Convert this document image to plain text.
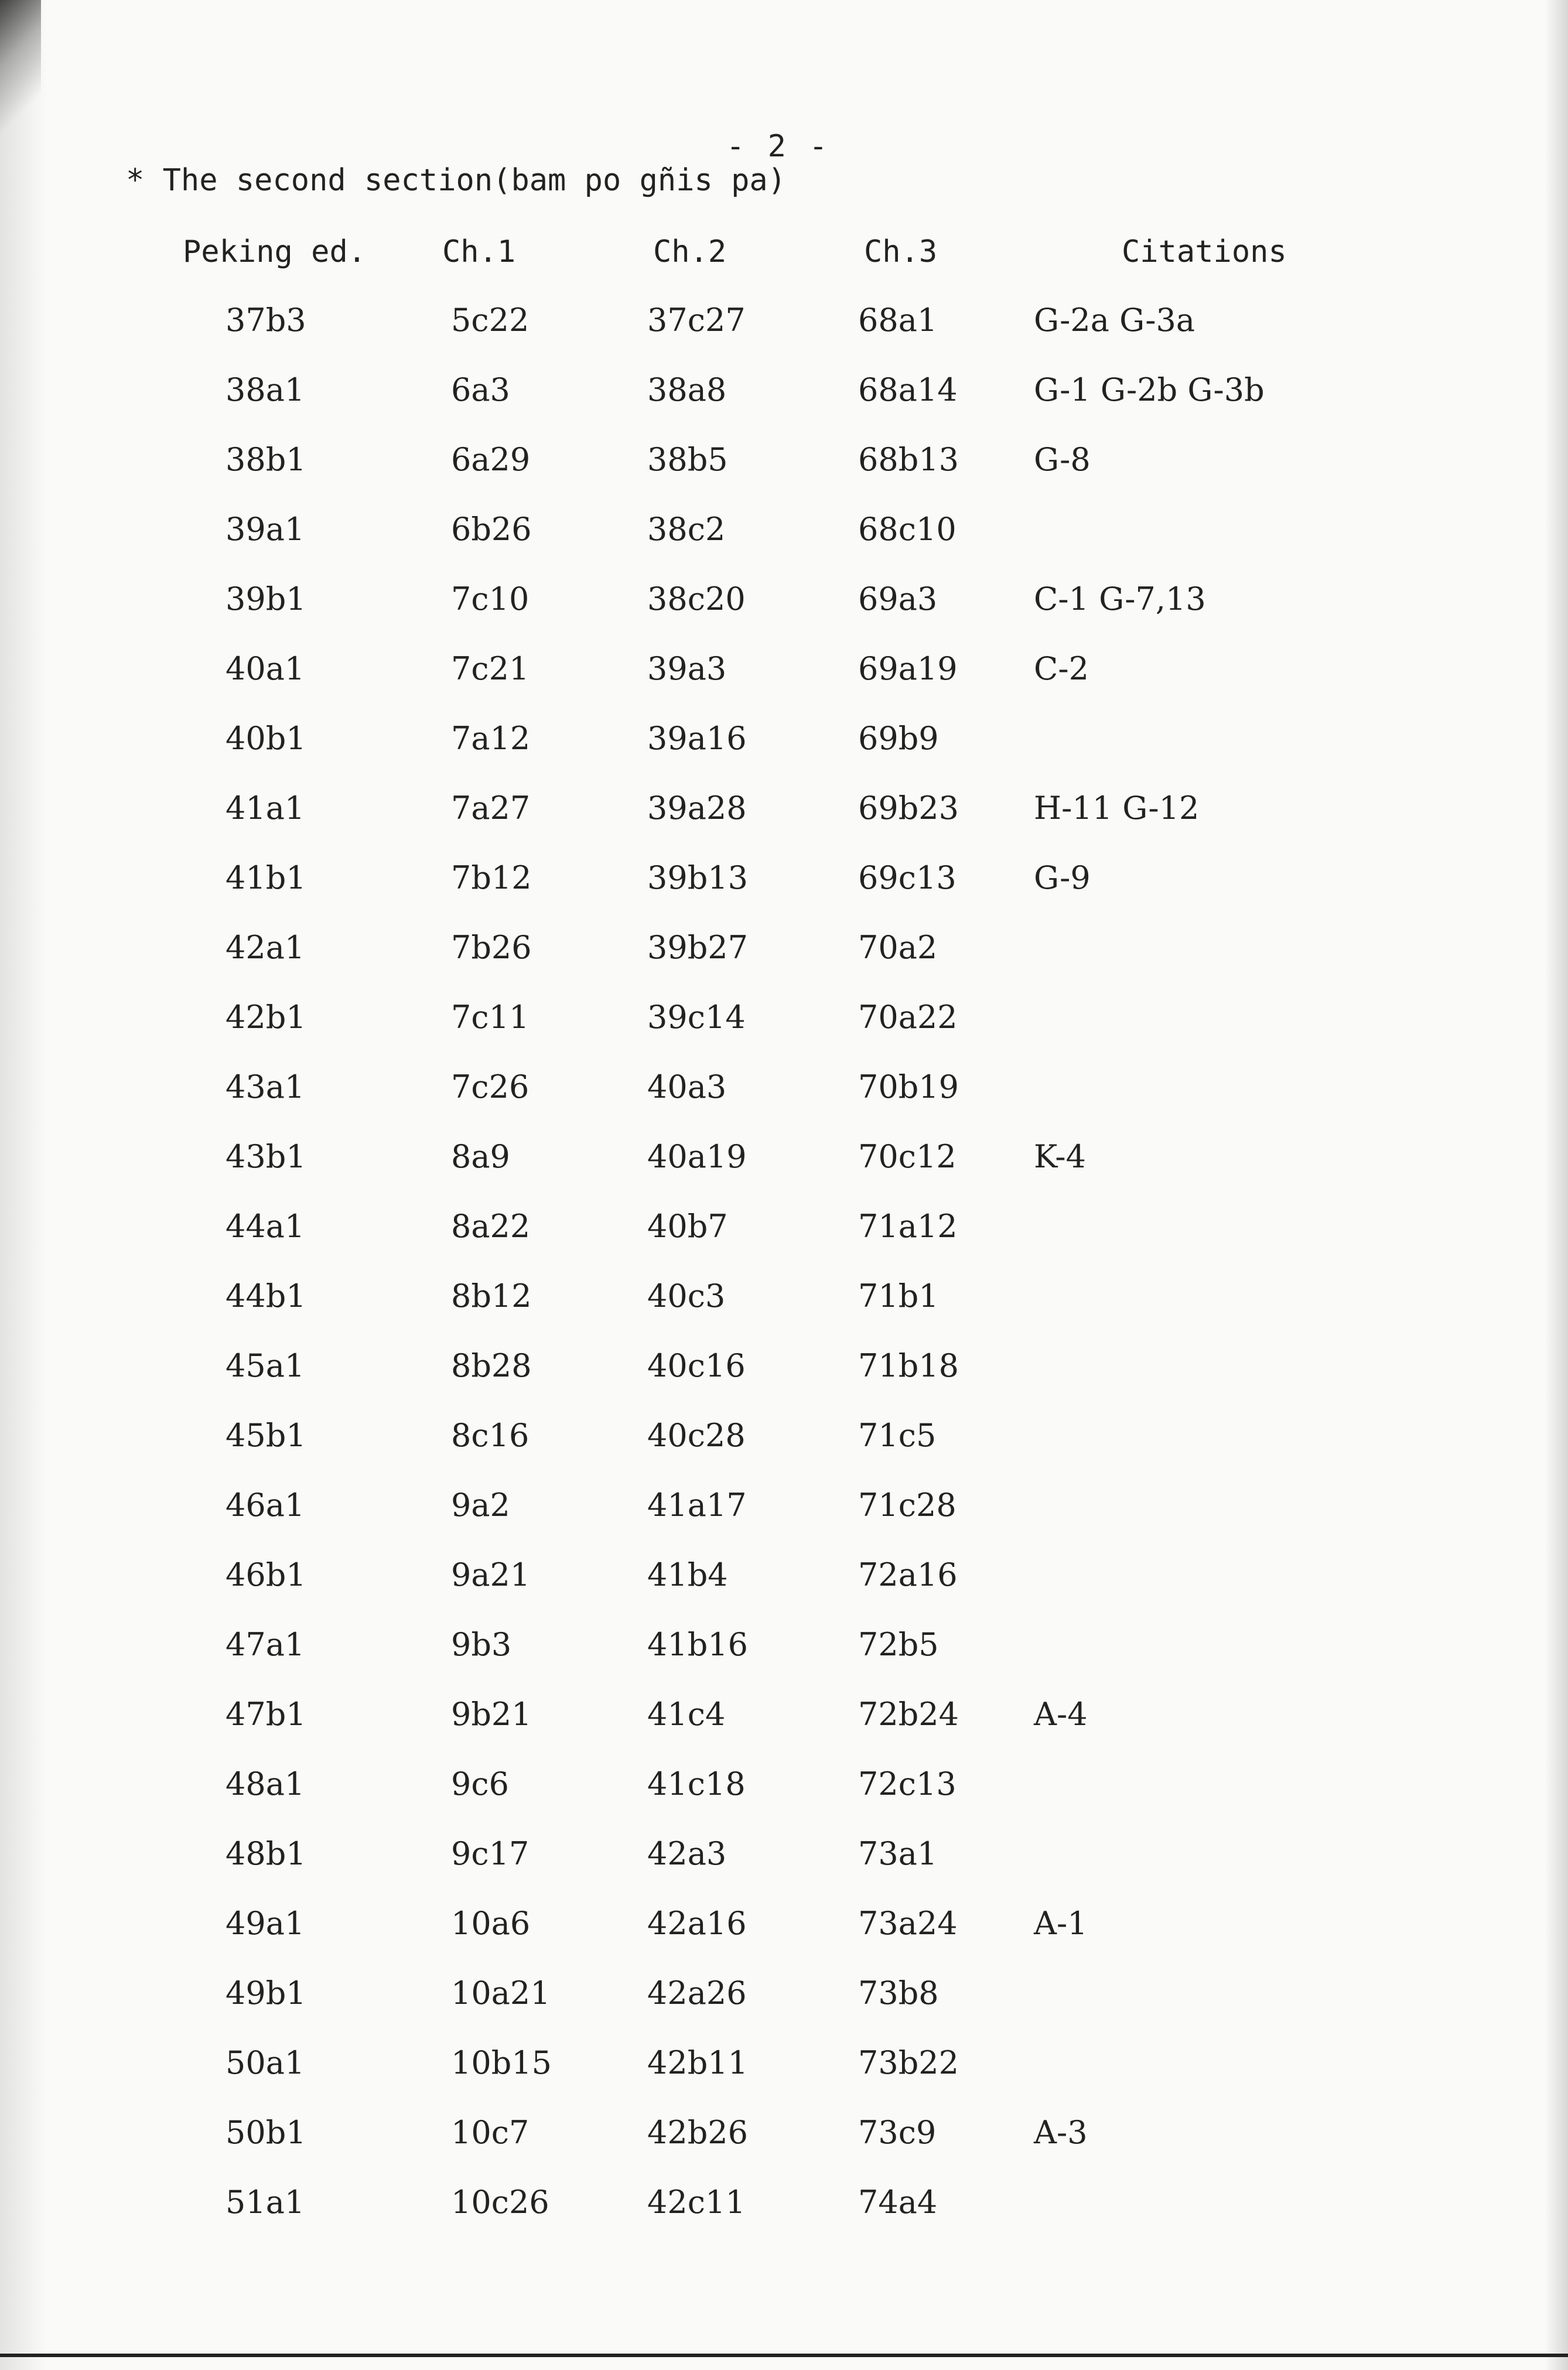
- 2 -
* The second section(bam po gñis pa)
Peking ed. Ch.1	Ch.2	Ch.3	Citations
37b3	5c22	37c27	68a1	G-2a G-3a
38a1	6a3	38a8	68a14 G-1 G-2b G-3b
38b1	6a29	38b5	68b13 G-8
39a1	6b26	38c2	68c10
39b1	7c10	38c20	69a3	C-1 G-7,13
40a1	7c21	39a3	69a19 C-2
40b1	7a12	39a16	69b9
41a1	7a27	39a28	69b23 H-11 G-12
41b1	7b12	39b13	69c13 G-9
42a1	7b26	39b27	70a2
42b1	7c11	39c14	70a22
43a1	7c26	40a3	70b19
43b1	8a9	40a19	70c12 K-4
44a1	8a22	40b7	71a12
44b1	8b12	40c3	71b1
45a1	8b28	40c16	71b18
45b1	8c16	40c28	71c5
46a1	9a2	41a17	71c28
46b1	9a21	41b4	72a16
47a1	9b3	41b16	72b5
47b1	9b21	41c4	72b24 A-4
48a1	9c6	41c18	72c13
48b1	9c17	42a3	73a1
49a1	10a6	42a16	73a24 A-1
49b1	10a21	42a26	73b8
50a1	10b15	42b11	73b22
50b1	10c7	42b26	73c9	A-3
51a1	10c26	42c11	74a4
